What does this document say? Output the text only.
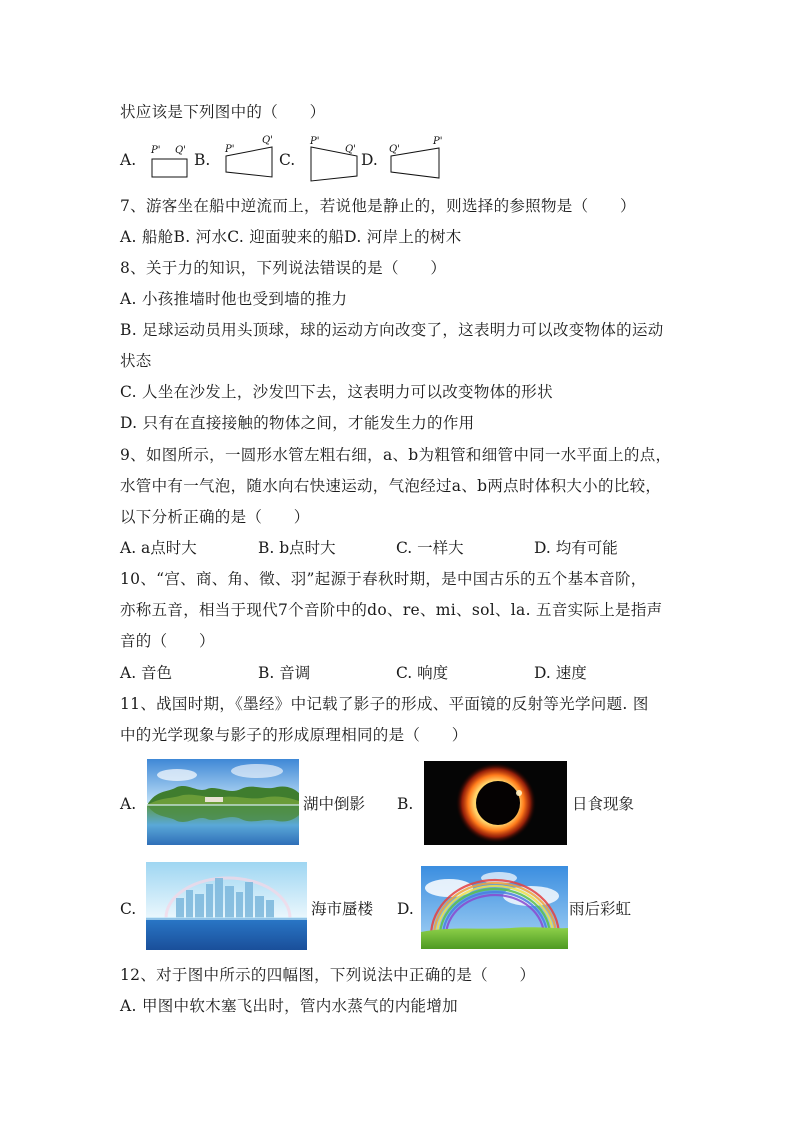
状应该是下列图中的（　　）
A.
P' Q'
B.
P'
Q'
C.
P'
Q'
D.
Q'
P'
7、游客坐在船中逆流而上，若说他是静止的，则选择的参照物是（　　）
A. 船舱B. 河水C. 迎面驶来的船D. 河岸上的树木
8、关于力的知识，下列说法错误的是（　　）
A. 小孩推墙时他也受到墙的推力
B. 足球运动员用头顶球，球的运动方向改变了，这表明力可以改变物体的运动
状态
C. 人坐在沙发上，沙发凹下去，这表明力可以改变物体的形状
D. 只有在直接接触的物体之间，才能发生力的作用
9、如图所示，一圆形水管左粗右细，a、b为粗管和细管中同一水平面上的点，
水管中有一气泡，随水向右快速运动，气泡经过a、b两点时体积大小的比较，
以下分析正确的是（　　）
A. a点时大	B. b点时大	C. 一样大	D. 均有可能
10、“宫、商、角、徵、羽”起源于春秋时期，是中国古乐的五个基本音阶，
亦称五音，相当于现代7个音阶中的do、re、mi、sol、la. 五音实际上是指声
音的（　　）
A. 音色	B. 音调	C. 响度	D. 速度
11、战国时期，《墨经》中记载了影子的形成、平面镜的反射等光学问题. 图
中的光学现象与影子的形成原理相同的是（　　）
A.	湖中倒影 B.	日食现象
C.	海市蜃楼 D.	雨后彩虹
12、对于图中所示的四幅图，下列说法中正确的是（　　）
A. 甲图中软木塞飞出时，管内水蒸气的内能增加
